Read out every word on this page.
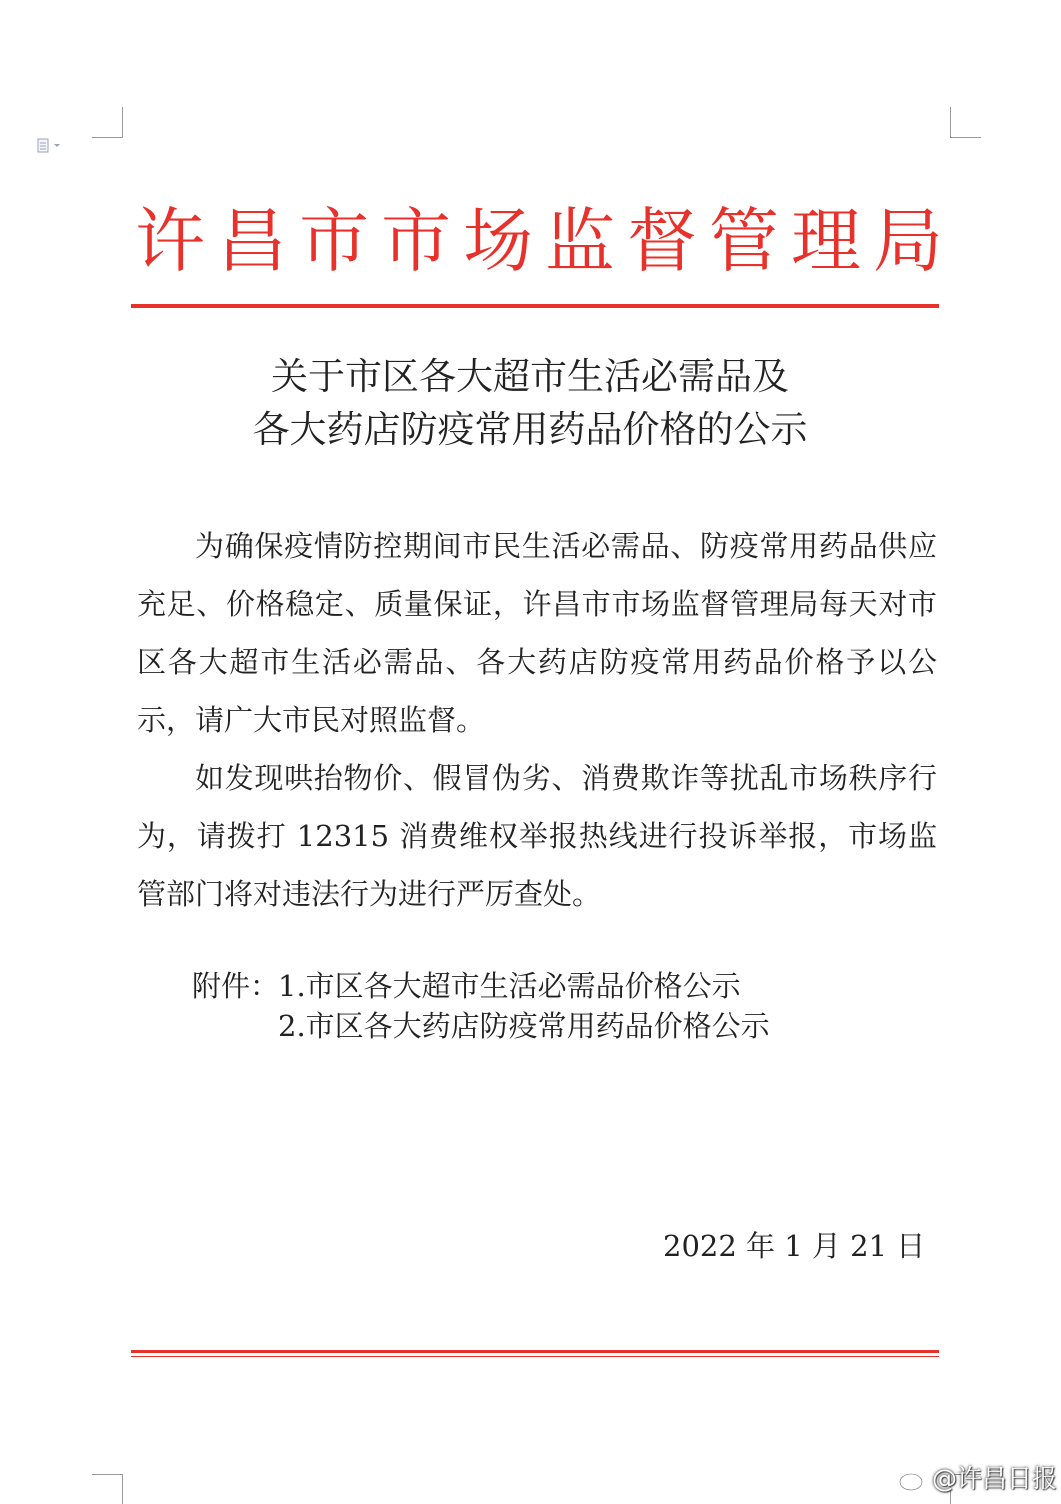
许昌市市场监督管理局
关于市区各大超市生活必需品及
各大药店防疫常用药品价格的公示

为确保疫情防控期间市民生活必需品、防疫常用药品供应充足、价格稳定、质量保证，许昌市市场监督管理局每天对市区各大超市生活必需品、各大药店防疫常用药品价格予以公示，请广大市民对照监督。

如发现哄抬物价、假冒伪劣、消费欺诈等扰乱市场秩序行为，请拨打 12315 消费维权举报热线进行投诉举报，市场监管部门将对违法行为进行严厉查处。

附件：
1.市区各大超市生活必需品价格公示
2.市区各大药店防疫常用药品价格公示
2022 年 1 月 21 日
@许昌日报
